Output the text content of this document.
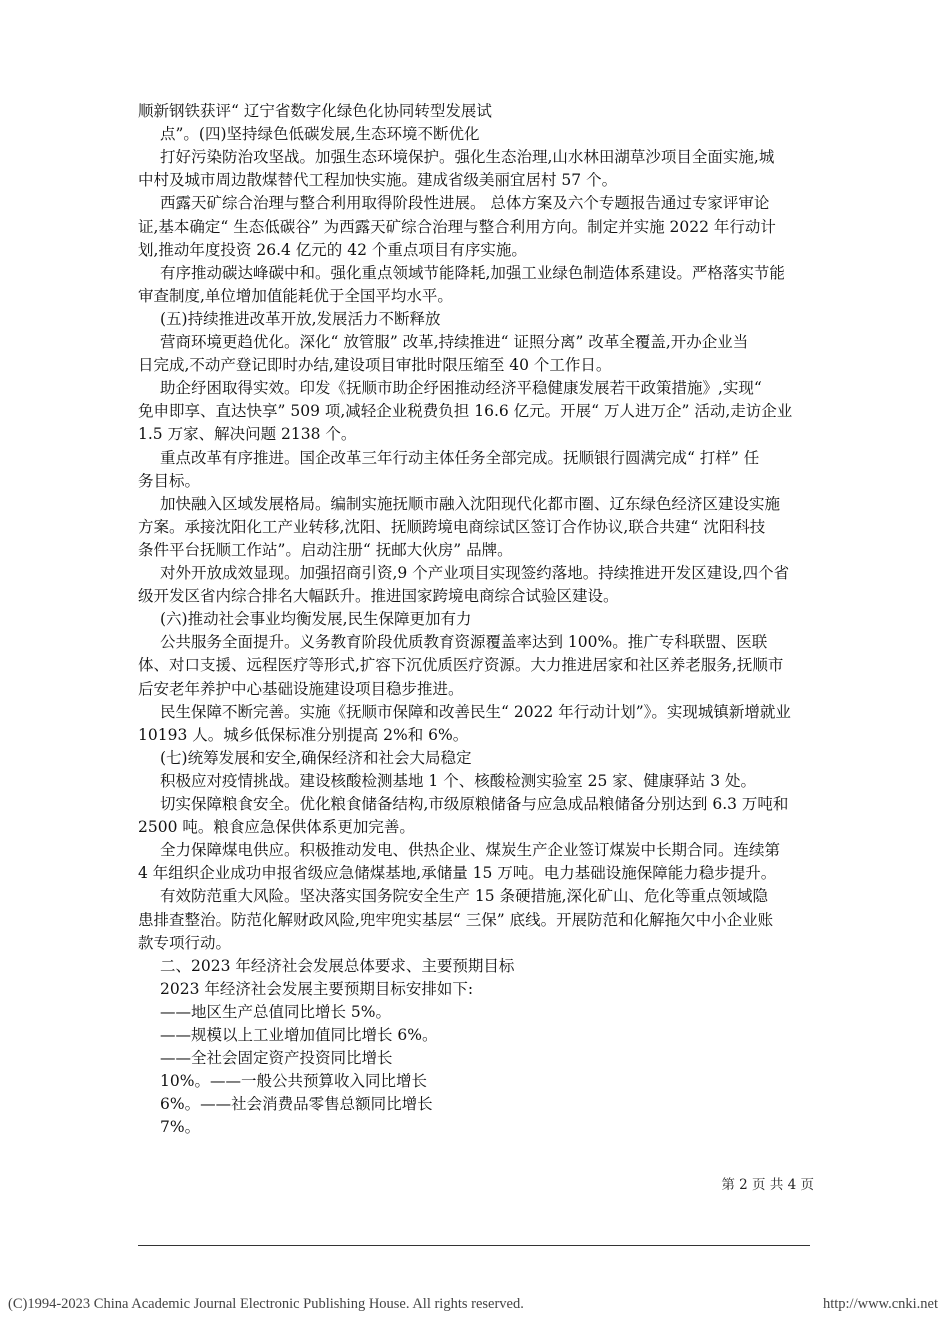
顺新钢铁获评“ 辽宁省数字化绿色化协同转型发展试
点”。(四)坚持绿色低碳发展,生态环境不断优化
打好污染防治攻坚战。加强生态环境保护。强化生态治理,山水林田湖草沙项目全面实施,城
中村及城市周边散煤替代工程加快实施。建成省级美丽宜居村 57 个。
西露天矿综合治理与整合利用取得阶段性进展。 总体方案及六个专题报告通过专家评审论
证,基本确定“ 生态低碳谷” 为西露天矿综合治理与整合利用方向。制定并实施 2022 年行动计
划,推动年度投资 26.4 亿元的 42 个重点项目有序实施。
有序推动碳达峰碳中和。强化重点领域节能降耗,加强工业绿色制造体系建设。严格落实节能
审查制度,单位增加值能耗优于全国平均水平。
(五)持续推进改革开放,发展活力不断释放
营商环境更趋优化。深化“ 放管服” 改革,持续推进“ 证照分离” 改革全覆盖,开办企业当
日完成,不动产登记即时办结,建设项目审批时限压缩至 40 个工作日。
助企纾困取得实效。印发《抚顺市助企纾困推动经济平稳健康发展若干政策措施》,实现“
免申即享、直达快享” 509 项,减轻企业税费负担 16.6 亿元。开展“ 万人进万企” 活动,走访企业
1.5 万家、解决问题 2138 个。
重点改革有序推进。国企改革三年行动主体任务全部完成。抚顺银行圆满完成“ 打样” 任
务目标。
加快融入区域发展格局。编制实施抚顺市融入沈阳现代化都市圈、辽东绿色经济区建设实施
方案。承接沈阳化工产业转移,沈阳、抚顺跨境电商综试区签订合作协议,联合共建“ 沈阳科技
条件平台抚顺工作站”。启动注册“ 抚邮大伙房” 品牌。
对外开放成效显现。加强招商引资,9 个产业项目实现签约落地。持续推进开发区建设,四个省
级开发区省内综合排名大幅跃升。推进国家跨境电商综合试验区建设。
(六)推动社会事业均衡发展,民生保障更加有力
公共服务全面提升。义务教育阶段优质教育资源覆盖率达到 100%。推广专科联盟、医联
体、对口支援、远程医疗等形式,扩容下沉优质医疗资源。大力推进居家和社区养老服务,抚顺市
后安老年养护中心基础设施建设项目稳步推进。
民生保障不断完善。实施《抚顺市保障和改善民生“ 2022 年行动计划”》。实现城镇新增就业
10193 人。城乡低保标准分别提高 2%和 6%。
(七)统筹发展和安全,确保经济和社会大局稳定
积极应对疫情挑战。建设核酸检测基地 1 个、核酸检测实验室 25 家、健康驿站 3 处。
切实保障粮食安全。优化粮食储备结构,市级原粮储备与应急成品粮储备分别达到 6.3 万吨和
2500 吨。粮食应急保供体系更加完善。
全力保障煤电供应。积极推动发电、供热企业、煤炭生产企业签订煤炭中长期合同。连续第
4 年组织企业成功申报省级应急储煤基地,承储量 15 万吨。电力基础设施保障能力稳步提升。
有效防范重大风险。坚决落实国务院安全生产 15 条硬措施,深化矿山、危化等重点领域隐
患排查整治。防范化解财政风险,兜牢兜实基层“ 三保” 底线。开展防范和化解拖欠中小企业账
款专项行动。
二、2023 年经济社会发展总体要求、主要预期目标
2023 年经济社会发展主要预期目标安排如下:
——地区生产总值同比增长 5%。
——规模以上工业增加值同比增长 6%。
——全社会固定资产投资同比增长
10%。——一般公共预算收入同比增长
6%。——社会消费品零售总额同比增长
7%。
第 2 页 共 4 页
(C)1994-2023 China Academic Journal Electronic Publishing House. All rights reserved.	http://www.cnki.net
